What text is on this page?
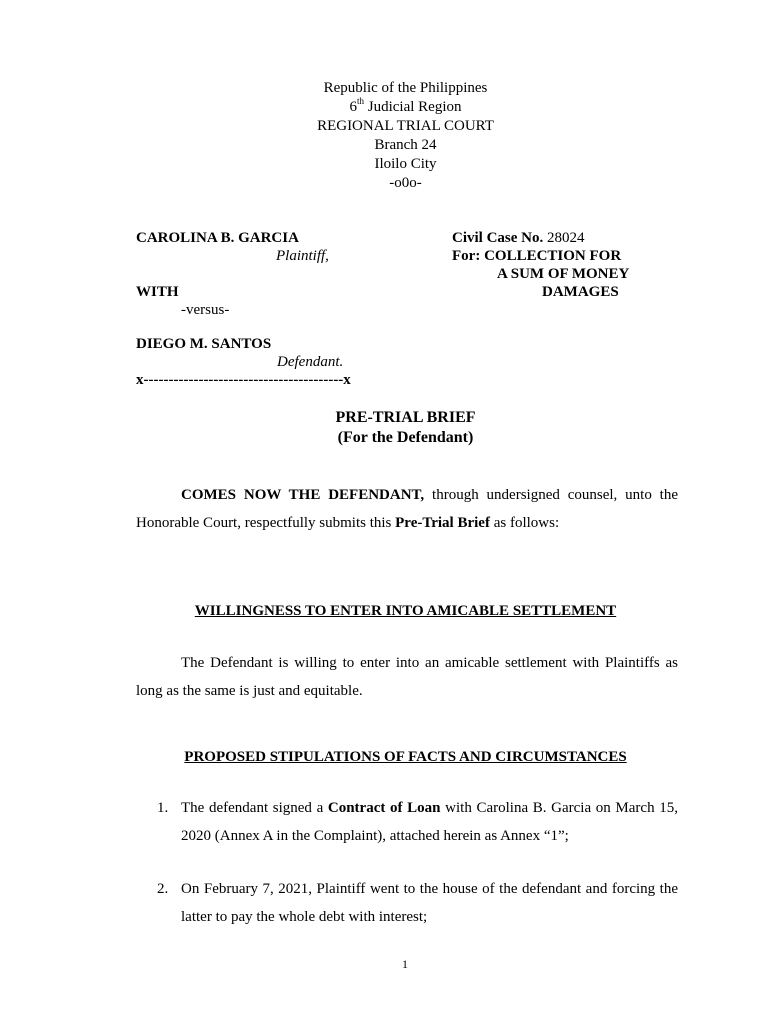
Republic of the Philippines
6th Judicial Region
REGIONAL TRIAL COURT
Branch 24
Iloilo City
-o0o-
CAROLINA B. GARCIA
Plaintiff,
Civil Case No. 28024
For: COLLECTION FOR
A SUM OF MONEY
WITH	DAMAGES
-versus-
DIEGO M. SANTOS
Defendant.
x----------------------------------------x
PRE-TRIAL BRIEF
(For the Defendant)
COMES NOW THE DEFENDANT, through undersigned counsel, unto the Honorable Court, respectfully submits this Pre-Trial Brief as follows:
WILLINGNESS TO ENTER INTO AMICABLE SETTLEMENT
The Defendant is willing to enter into an amicable settlement with Plaintiffs as long as the same is just and equitable.
PROPOSED STIPULATIONS OF FACTS AND CIRCUMSTANCES
1. The defendant signed a Contract of Loan with Carolina B. Garcia on March 15, 2020 (Annex A in the Complaint), attached herein as Annex “1”;
2. On February 7, 2021, Plaintiff went to the house of the defendant and forcing the latter to pay the whole debt with interest;
1
